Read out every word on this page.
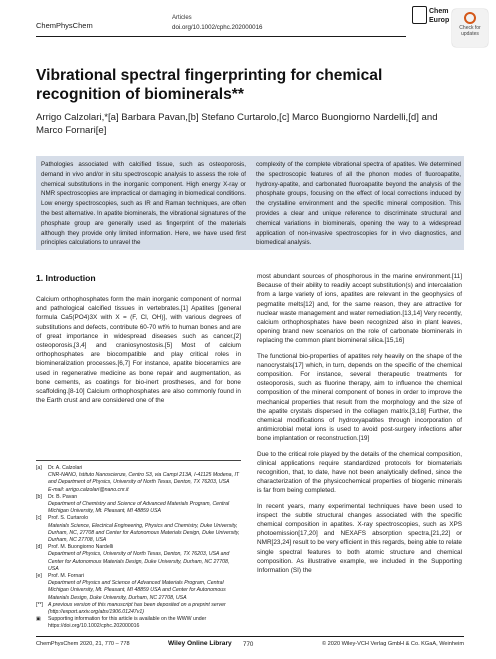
ChemPhysChem
Articles
doi.org/10.1002/cphc.202000016
Chem
Europ
Check for
updates
Vibrational spectral fingerprinting for chemical recognition of biominerals**
Arrigo Calzolari,*[a] Barbara Pavan,[b] Stefano Curtarolo,[c] Marco Buongiorno Nardelli,[d] and
Marco Fornari[e]
Pathologies associated with calcified tissue, such as osteoporosis, demand in vivo and/or in situ spectroscopic analysis to assess the role of chemical substitutions in the inorganic component. High energy X-ray or NMR spectroscopies are impractical or damaging in biomedical conditions. Low energy spectroscopies, such as IR and Raman techniques, are often the best alternative. In apatite biominerals, the vibrational signatures of the phosphate group are generally used as fingerprint of the materials although they provide only limited information. Here, we have used first principles calculations to unravel the
complexity of the complete vibrational spectra of apatites. We determined the spectroscopic features of all the phonon modes of fluoroapatite, hydroxy-apatite, and carbonated fluoroapatite beyond the analysis of the phosphate groups, focusing on the effect of local corrections induced by the crystalline environment and the specific mineral composition. This provides a clear and unique reference to discriminate structural and chemical variations in biominerals, opening the way to a widespread application of non-invasive spectroscopies for in vivo diagnostics, and biomedical analysis.
1. Introduction

Calcium orthophosphates form the main inorganic component of normal and pathological calcified tissues in vertebrates.[1] Apatites [general formula Ca5(PO4)3X with X = (F, Cl, OH)], with various degrees of substitutions and defects, contribute 60-70 wt% to human bones and are of great importance in widespread diseases such as cancer,[2] osteoporosis,[3,4] and craniosynostosis.[5] Most of calcium orthophosphates are biocompatible and play critical roles in biomineralization processes.[6,7] For instance, apatite bioceramics are used in regenerative medicine as bone repair and augmentation, as bone cements, as coatings for bio-inert prostheses, and for bone scaffolding.[8-10] Calcium orthophosphates are also commonly found in the Earth crust and are considered one of the

most abundant sources of phosphorous in the marine environment.[11] Because of their ability to readily accept substitution(s) and intercalation from a large variety of ions, apatites are relevant in the geophysics of pegmatite melts[12] and, for the same reason, they are attractive for nuclear waste management and water remediation.[13,14] Very recently, calcium orthophosphates have been recognized also in plant leaves, opening brand new scenarios on the role of carbonate biominerals in replacing the common plant biomineral silica.[15,16]

The functional bio-properties of apatites rely heavily on the shape of the nanocrystals[17] which, in turn, depends on the specific of the chemical composition. For instance, several therapeutic treatments for osteoporosis, such as fluorine therapy, aim to influence the chemical composition of the mineral component of bones in order to improve the mechanical properties that result from the morphology and the size of the apatite crystals dispersed in the collagen matrix.[3,18] Further, the chemical modifications of hydroxyapatites through incorporation of antimicrobial metal ions is used to avoid post-surgery infections after bone implantation or reconstruction.[19]

Due to the critical role played by the details of the chemical composition, clinical applications require standardized protocols for biomaterials recognition, that, to date, have not been analytically defined, since the characterization of the physicochemical properties of biogenic minerals is far from being completed.

In recent years, many experimental techniques have been used to inspect the subtle structural changes associated with the specific chemical composition in apatites. X-ray spectroscopies, such as XPS photoemission[17,20] and NEXAFS absorption spectra,[21,22] or NMR[23,24] result to be very efficient in this regards, being able to relate single spectral features to both atomic structure and chemical composition. As illustrative example, we included in the Supporting Information (SI) the

[a]	Dr. A. Calzolari
CNR-NANO, Istituto Nanoscienze, Centro S3, via Campi 213A, I-41125 Modena, IT and Department of Physics, University of North Texas, Denton, TX 76203, USA
E-mail: arrigo.calzolari@nano.cnr.it
[b]	Dr. B. Pavan
Department of Chemistry and Science of Advanced Materials Program, Central Michigan University, Mt. Pleasant, MI 48859 USA
[c]	Prof. S. Curtarolo
Materials Science, Electrical Engineering, Physics and Chemistry, Duke University, Durham, NC, 27708 and Center for Autonomous Materials Design, Duke University, Durham, NC 27708, USA
[d]	Prof. M. Buongiorno Nardelli
Department of Physics, University of North Texas, Denton, TX 76203, USA and Center for Autonomous Materials Design, Duke University, Durham, NC 27708, USA
[e]	Prof. M. Fornari
Department of Physics and Science of Advanced Materials Program, Central Michigan University, Mt. Pleasant, MI 48859 USA and Center for Autonomous Materials Design, Duke University, Durham, NC 27708, USA
[**] A previous version of this manuscript has been deposited on a preprint server (http://export.arxiv.org/abs/1906.01247v1)
▣	Supporting information for this article is available on the WWW under https://doi.org/10.1002/cphc.202000016
ChemPhysChem 2020, 21, 770 – 778	Wiley Online Library 770	© 2020 Wiley-VCH Verlag GmbH & Co. KGaA, Weinheim
